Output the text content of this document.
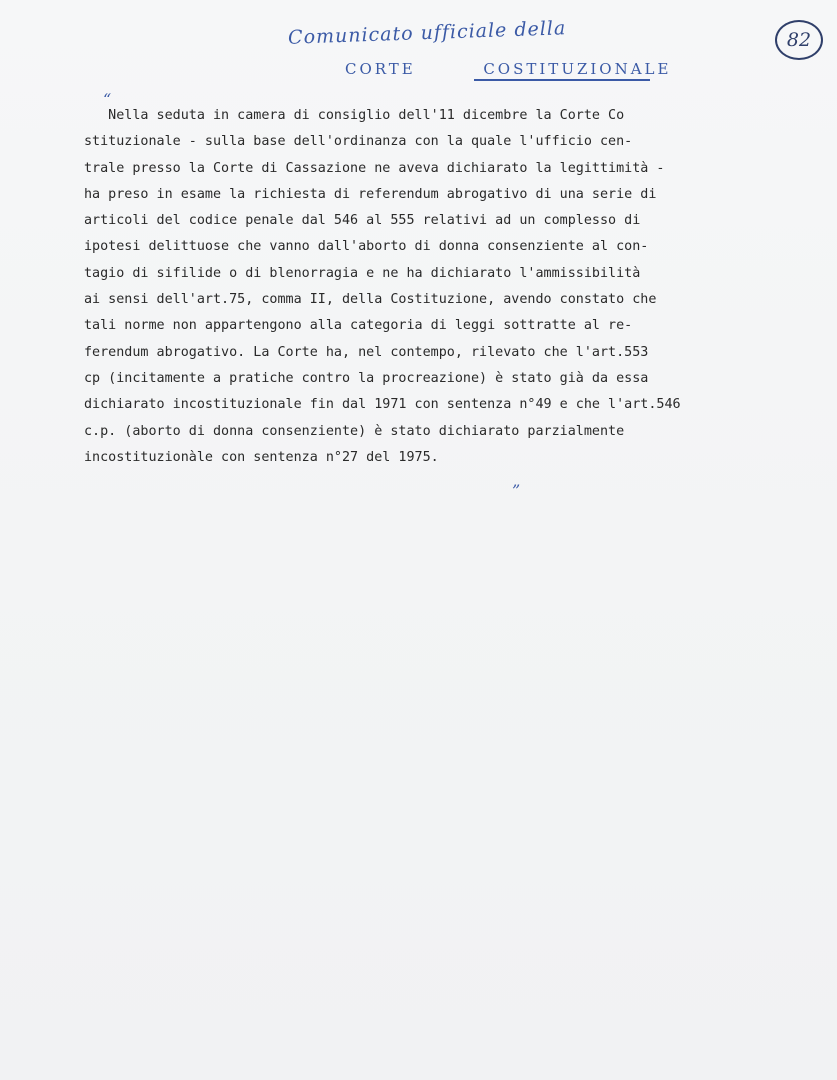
Comunicato ufficiale della
CORTE	COSTITUZIONALE
82
“
Nella seduta in camera di consiglio dell'11 dicembre la Corte Co
stituzionale - sulla base dell'ordinanza con la quale l'ufficio cen-
trale presso la Corte di Cassazione ne aveva dichiarato la legittimità -
ha preso in esame la richiesta di referendum abrogativo di una serie di
articoli del codice penale dal 546 al 555 relativi ad un complesso di
ipotesi delittuose che vanno dall'aborto di donna consenziente al con-
tagio di sifilide o di blenorragia e ne ha dichiarato l'ammissibilità
ai sensi dell'art.75, comma II, della Costituzione, avendo constato che
tali norme non appartengono alla categoria di leggi sottratte al re-
ferendum abrogativo. La Corte ha, nel contempo, rilevato che l'art.553
cp (incitamente a pratiche contro la procreazione) è stato già da essa
dichiarato incostituzionale fin dal 1971 con sentenza n°49 e che l'art.546
c.p. (aborto di donna consenziente) è stato dichiarato parzialmente
incostituzionàle con sentenza n°27 del 1975.
”
